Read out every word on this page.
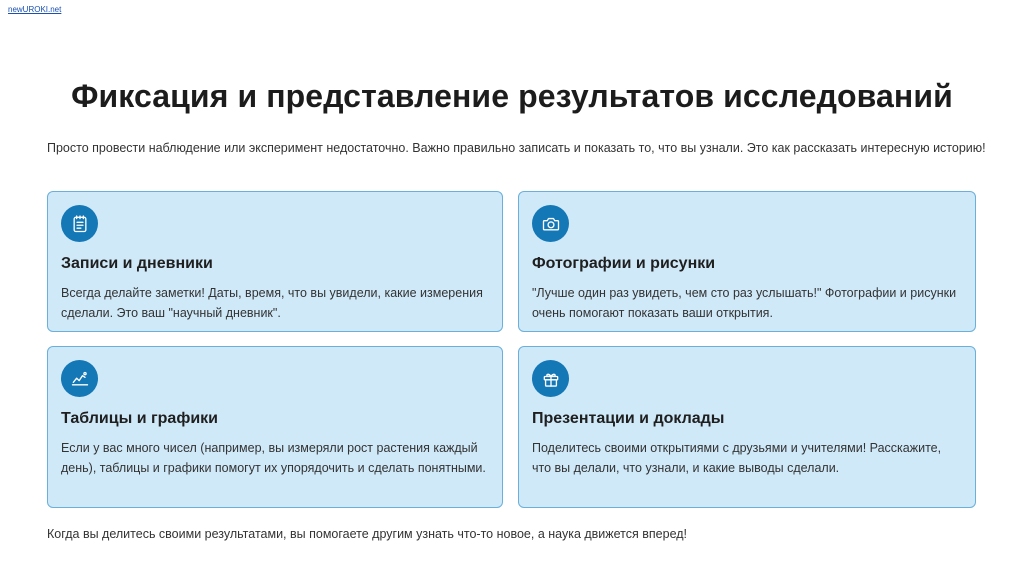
newUROKI.net
Фиксация и представление результатов исследований
Просто провести наблюдение или эксперимент недостаточно. Важно правильно записать и показать то, что вы узнали. Это как рассказать интересную историю!
Записи и дневники
Всегда делайте заметки! Даты, время, что вы увидели, какие измерения сделали. Это ваш "научный дневник".
Фотографии и рисунки
"Лучше один раз увидеть, чем сто раз услышать!" Фотографии и рисунки очень помогают показать ваши открытия.
Таблицы и графики
Если у вас много чисел (например, вы измеряли рост растения каждый день), таблицы и графики помогут их упорядочить и сделать понятными.
Презентации и доклады
Поделитесь своими открытиями с друзьями и учителями! Расскажите, что вы делали, что узнали, и какие выводы сделали.
Когда вы делитесь своими результатами, вы помогаете другим узнать что-то новое, а наука движется вперед!
